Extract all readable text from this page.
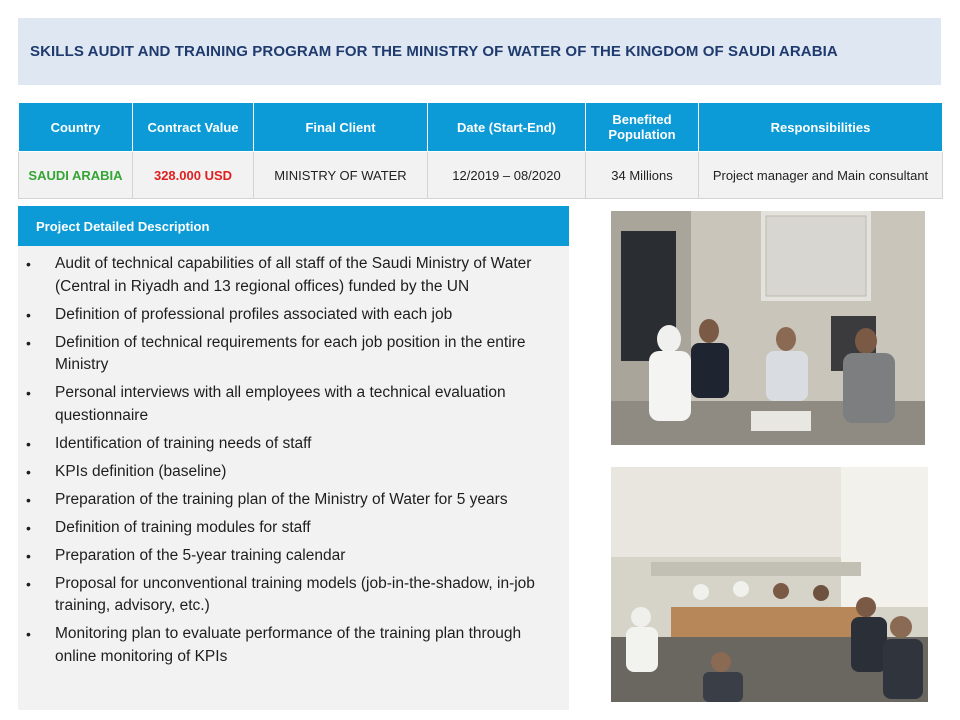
SKILLS AUDIT AND TRAINING PROGRAM FOR THE MINISTRY OF WATER OF THE KINGDOM OF SAUDI ARABIA
Country	Contract Value	Final Client	Date (Start-End)	Benefited Population	Responsibilities
SAUDI ARABIA	328.000 USD	MINISTRY OF WATER	12/2019 – 08/2020	34 Millions	Project manager and Main consultant
Project Detailed Description
• Audit of technical capabilities of all staff of the Saudi Ministry of Water (Central in Riyadh and 13 regional offices) funded by the UN
• Definition of professional profiles associated with each job
• Definition of technical requirements for each job position in the entire Ministry
• Personal interviews with all employees with a technical evaluation questionnaire
• Identification of training needs of staff
• KPIs definition (baseline)
• Preparation of the training plan of the Ministry of Water for 5 years
• Definition of training modules for staff
• Preparation of the 5-year training calendar
• Proposal for unconventional training models (job-in-the-shadow, in-job training, advisory, etc.)
• Monitoring plan to evaluate performance of the training plan through online monitoring of KPIs
